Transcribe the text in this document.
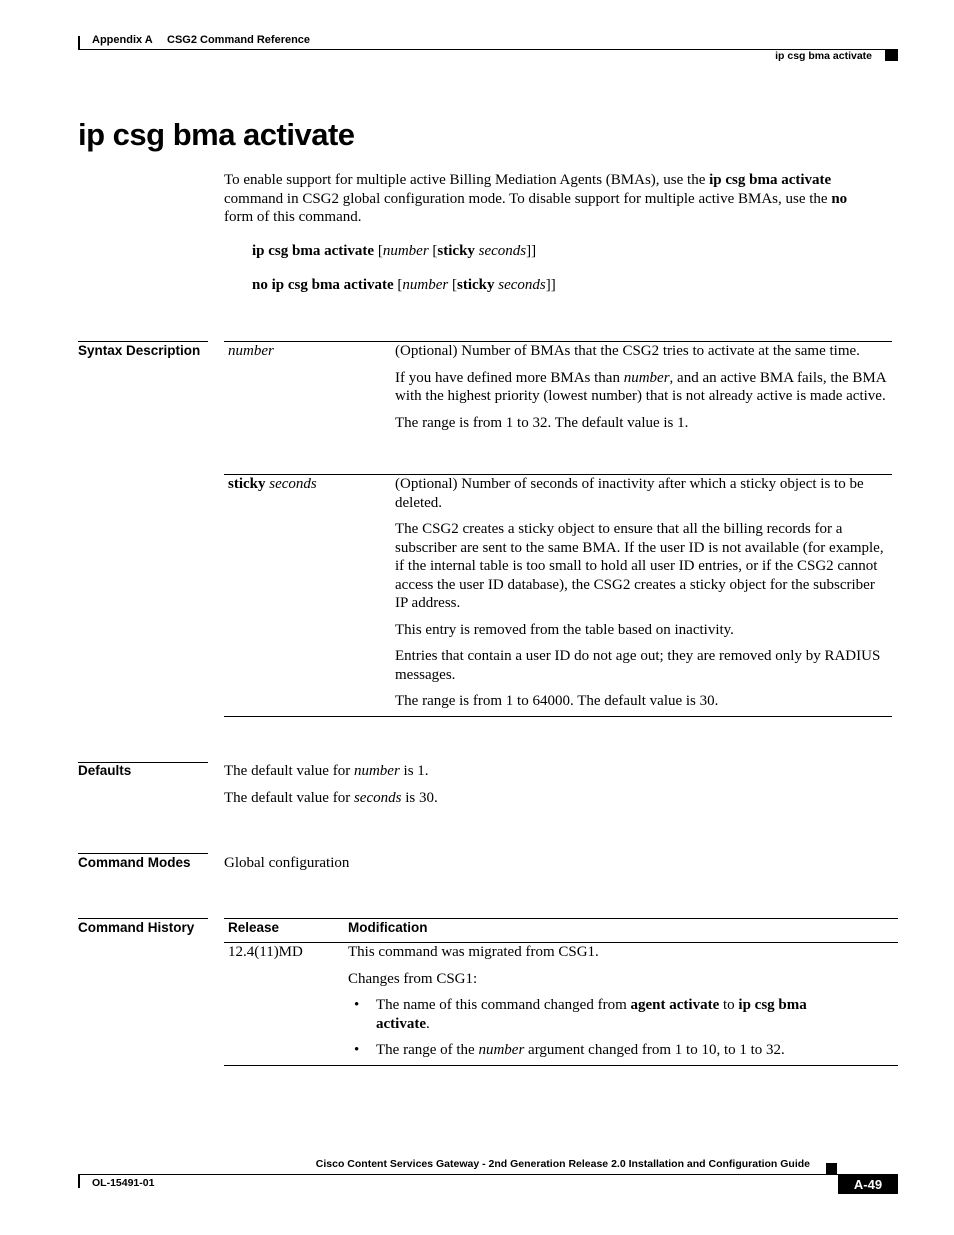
Appendix A CSG2 Command Reference
ip csg bma activate
ip csg bma activate
To enable support for multiple active Billing Mediation Agents (BMAs), use the ip csg bma activate
command in CSG2 global configuration mode. To disable support for multiple active BMAs, use the no
form of this command.
ip csg bma activate [number [sticky seconds]]
no ip csg bma activate [number [sticky seconds]]
Syntax Description number	(Optional) Number of BMAs that the CSG2 tries to activate at the same time.

If you have defined more BMAs than number, and an active BMA fails, the BMA with the highest priority (lowest number) that is not already active is made active.

The range is from 1 to 32. The default value is 1.

sticky seconds	(Optional) Number of seconds of inactivity after which a sticky object is to be deleted.

The CSG2 creates a sticky object to ensure that all the billing records for a subscriber are sent to the same BMA. If the user ID is not available (for example, if the internal table is too small to hold all user ID entries, or if the CSG2 cannot access the user ID database), the CSG2 creates a sticky object for the subscriber IP address.

This entry is removed from the table based on inactivity.

Entries that contain a user ID do not age out; they are removed only by RADIUS messages.

The range is from 1 to 64000. The default value is 30.

Defaults	The default value for number is 1.
The default value for seconds is 30.
Command Modes Global configuration
Command History Release	Modification
12.4(11)MD	This command was migrated from CSG1.

Changes from CSG1:

• The name of this command changed from agent activate to ip csg bma activate.

• The range of the number argument changed from 1 to 10, to 1 to 32.

Cisco Content Services Gateway - 2nd Generation Release 2.0 Installation and Configuration Guide
OL-15491-01	A-49
